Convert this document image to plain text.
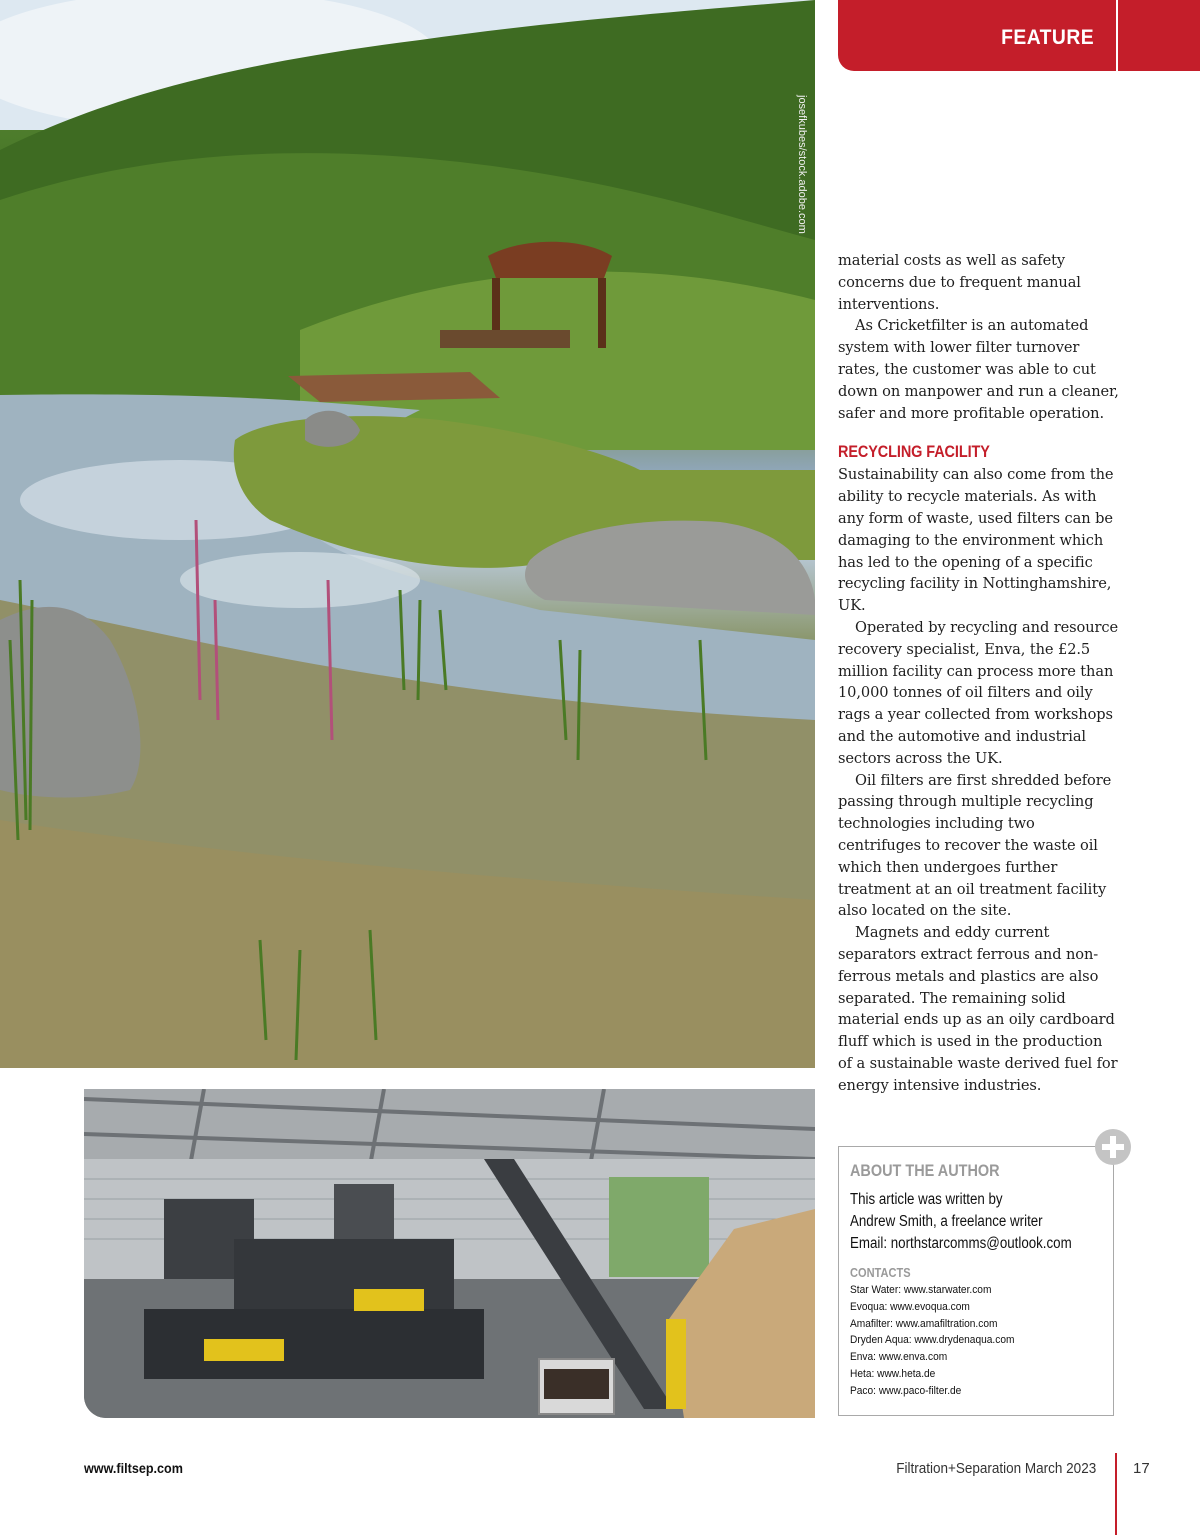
FEATURE
josefkubes/stock.adobe.com

material costs as well as safety concerns due to frequent manual interventions.

As Cricketfilter is an automated system with lower filter turnover rates, the customer was able to cut down on manpower and run a cleaner, safer and more profitable operation.

RECYCLING FACILITY

Sustainability can also come from the ability to recycle materials. As with any form of waste, used filters can be damaging to the environment which has led to the opening of a specific recycling facility in Nottinghamshire, UK.

Operated by recycling and resource recovery specialist, Enva, the £2.5 million facility can process more than 10,000 tonnes of oil filters and oily rags a year collected from workshops and the automotive and industrial sectors across the UK.

Oil filters are first shredded before passing through multiple recycling technologies including two centrifuges to recover the waste oil which then undergoes further treatment at an oil treatment facility also located on the site.

Magnets and eddy current separators extract ferrous and non-ferrous metals and plastics are also separated. The remaining solid material ends up as an oily cardboard fluff which is used in the production of a sustainable waste derived fuel for energy intensive industries.

ABOUT THE AUTHOR
This article was written by
Andrew Smith, a freelance writer
Email: northstarcomms@outlook.com
CONTACTS
Star Water: www.starwater.com
Evoqua: www.evoqua.com
Amafilter: www.amafiltration.com
Dryden Aqua: www.drydenaqua.com
Enva: www.enva.com
Heta: www.heta.de
Paco: www.paco-filter.de
www.filtsep.com	Filtration+Separation March 2023 17
